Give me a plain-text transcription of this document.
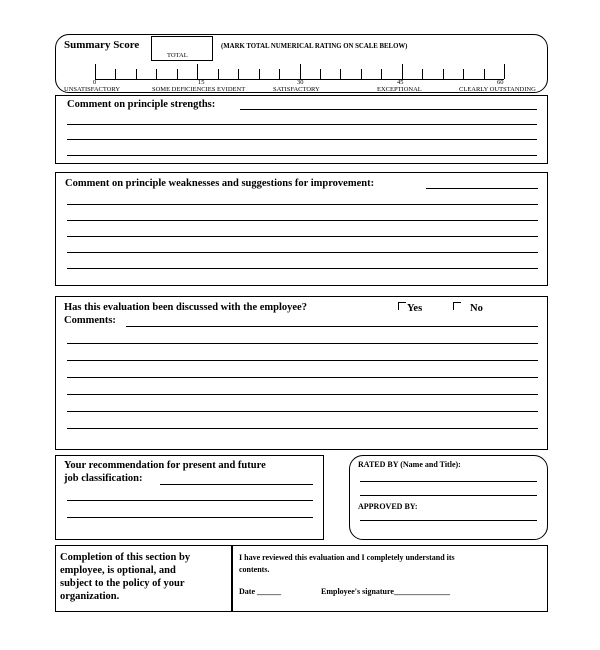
Summary Score
TOTAL
(MARK TOTAL NUMERICAL RATING ON SCALE BELOW)
0	15	30	45	60
UNSATISFACTORY	SOME DEFICIENCIES EVIDENT	SATISFACTORY	EXCEPTIONAL	CLEARLY OUTSTANDING
Comment on principle strengths:
Comment on principle weaknesses and suggestions for improvement:
Has this evaluation been discussed with the employee?	Yes	No
Comments:
Your recommendation for present and future
job classification:
RATED BY (Name and Title):
APPROVED BY:
Completion of this section by
employee, is optional, and
subject to the policy of your
organization.
I have reviewed this evaluation and I completely understand its
contents.
Date ______	Employee's signature______________
